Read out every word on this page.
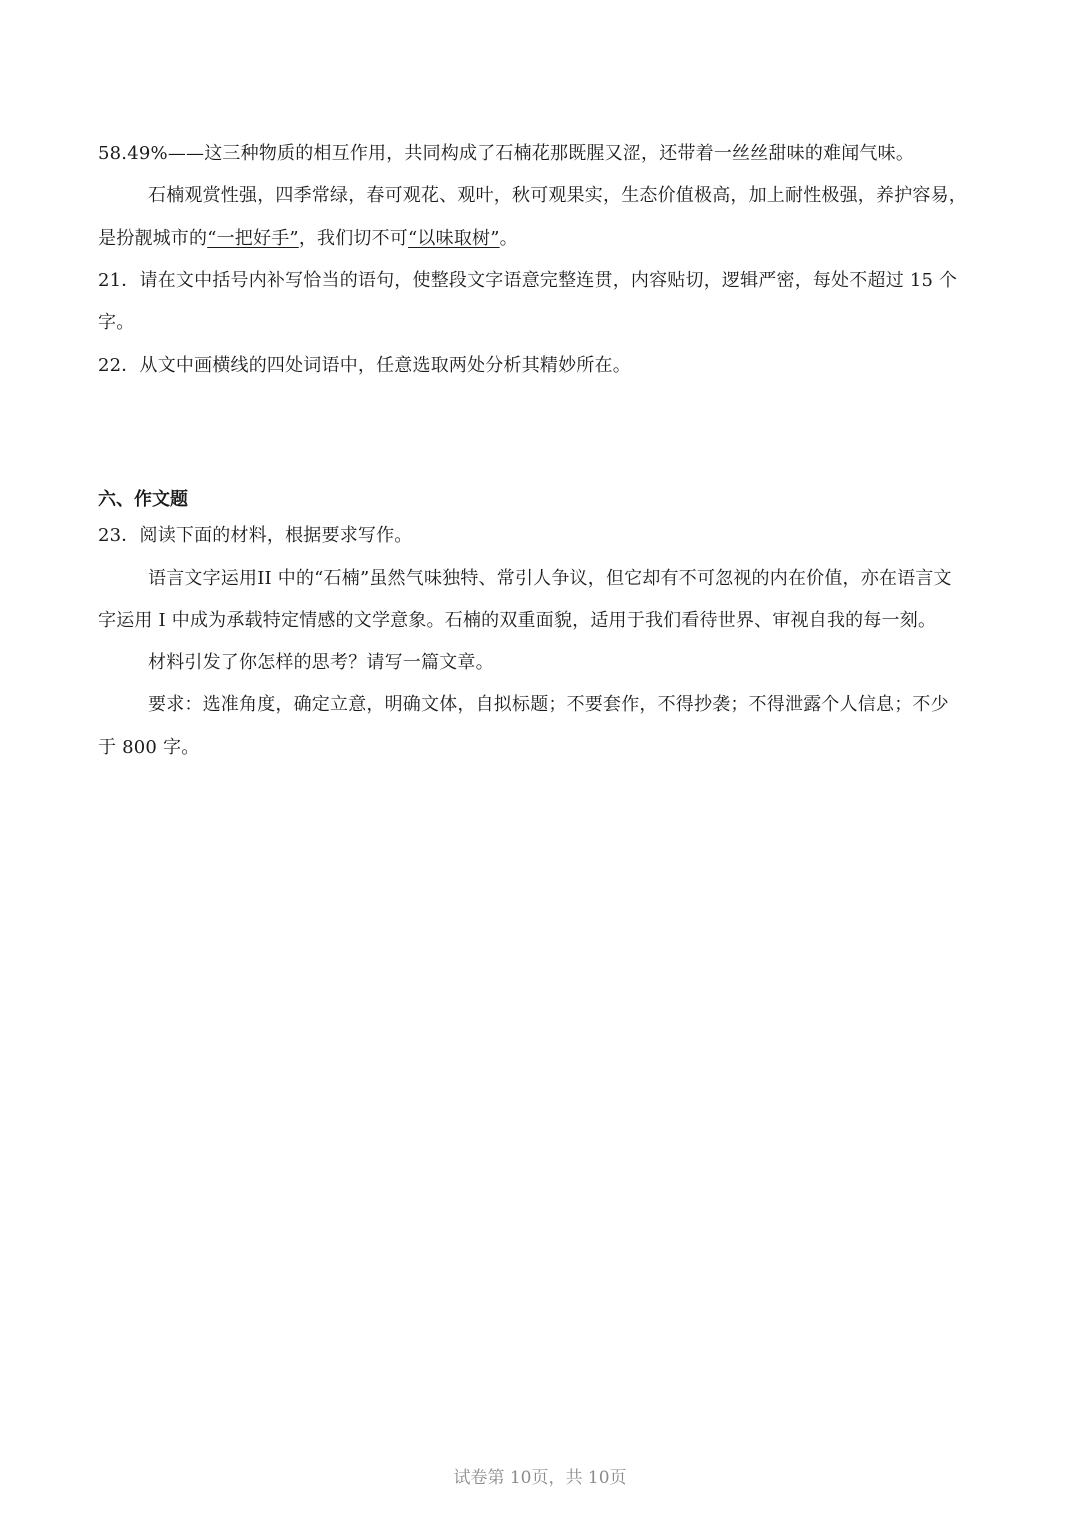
58.49%——这三种物质的相互作用，共同构成了石楠花那既腥又涩，还带着一丝丝甜味的难闻气味。
石楠观赏性强，四季常绿，春可观花、观叶，秋可观果实，生态价值极高，加上耐性极强，养护容易，
是扮靓城市的“一把好手”，我们切不可“以味取树”。
21．请在文中括号内补写恰当的语句，使整段文字语意完整连贯，内容贴切，逻辑严密，每处不超过 15 个
字。
22．从文中画横线的四处词语中，任意选取两处分析其精妙所在。
六、作文题
23．阅读下面的材料，根据要求写作。
语言文字运用II 中的“石楠”虽然气味独特、常引人争议，但它却有不可忽视的内在价值，亦在语言文
字运用 I 中成为承载特定情感的文学意象。石楠的双重面貌，适用于我们看待世界、审视自我的每一刻。
材料引发了你怎样的思考？请写一篇文章。
要求：选准角度，确定立意，明确文体，自拟标题；不要套作，不得抄袭；不得泄露个人信息；不少
于 800 字。
试卷第 10页，共 10页
